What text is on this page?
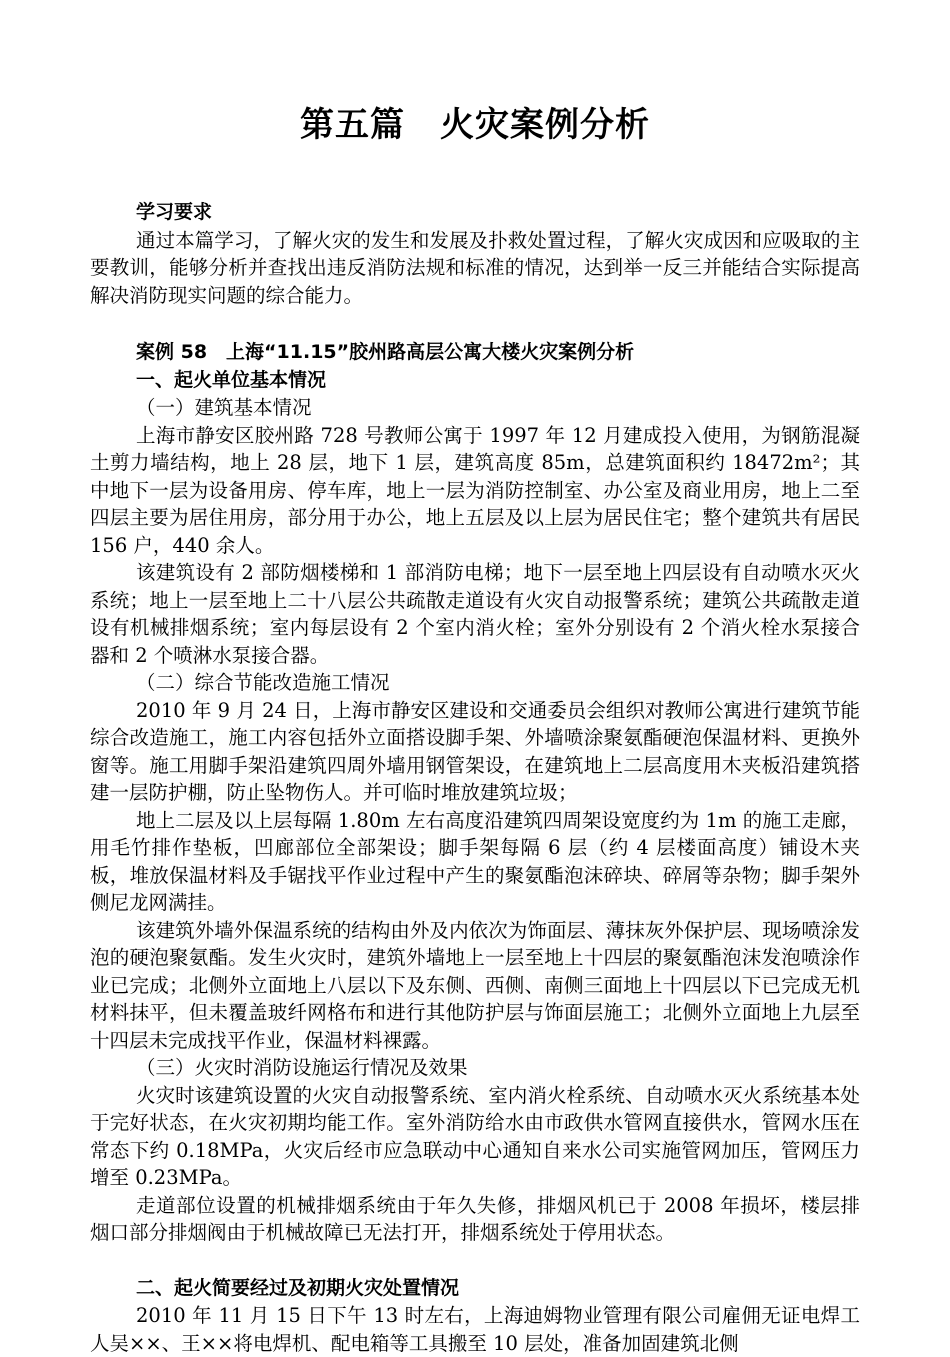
第五篇　火灾案例分析

学习要求

通过本篇学习，了解火灾的发生和发展及扑救处置过程，了解火灾成因和应吸取的主要教训，能够分析并查找出违反消防法规和标准的情况，达到举一反三并能结合实际提高解决消防现实问题的综合能力。

案例 58　上海“11.15”胶州路高层公寓大楼火灾案例分析

一、起火单位基本情况

（一）建筑基本情况

上海市静安区胶州路 728 号教师公寓于 1997 年 12 月建成投入使用，为钢筋混凝土剪力墙结构，地上 28 层，地下 1 层，建筑高度 85m，总建筑面积约 18472m²；其中地下一层为设备用房、停车库，地上一层为消防控制室、办公室及商业用房，地上二至四层主要为居住用房，部分用于办公，地上五层及以上层为居民住宅；整个建筑共有居民 156 户，440 余人。

该建筑设有 2 部防烟楼梯和 1 部消防电梯；地下一层至地上四层设有自动喷水灭火系统；地上一层至地上二十八层公共疏散走道设有火灾自动报警系统；建筑公共疏散走道设有机械排烟系统；室内每层设有 2 个室内消火栓；室外分别设有 2 个消火栓水泵接合器和 2 个喷淋水泵接合器。

（二）综合节能改造施工情况

2010 年 9 月 24 日，上海市静安区建设和交通委员会组织对教师公寓进行建筑节能综合改造施工，施工内容包括外立面搭设脚手架、外墙喷涂聚氨酯硬泡保温材料、更换外窗等。施工用脚手架沿建筑四周外墙用钢管架设，在建筑地上二层高度用木夹板沿建筑搭建一层防护棚，防止坠物伤人。并可临时堆放建筑垃圾；

地上二层及以上层每隔 1.80m 左右高度沿建筑四周架设宽度约为 1m 的施工走廊，用毛竹排作垫板，凹廊部位全部架设；脚手架每隔 6 层（约 4 层楼面高度）铺设木夹板，堆放保温材料及手锯找平作业过程中产生的聚氨酯泡沫碎块、碎屑等杂物；脚手架外侧尼龙网满挂。

该建筑外墙外保温系统的结构由外及内依次为饰面层、薄抹灰外保护层、现场喷涂发泡的硬泡聚氨酯。发生火灾时，建筑外墙地上一层至地上十四层的聚氨酯泡沫发泡喷涂作业已完成；北侧外立面地上八层以下及东侧、西侧、南侧三面地上十四层以下已完成无机材料抹平，但未覆盖玻纤网格布和进行其他防护层与饰面层施工；北侧外立面地上九层至十四层未完成找平作业，保温材料裸露。

（三）火灾时消防设施运行情况及效果

火灾时该建筑设置的火灾自动报警系统、室内消火栓系统、自动喷水灭火系统基本处于完好状态，在火灾初期均能工作。室外消防给水由市政供水管网直接供水，管网水压在常态下约 0.18MPa，火灾后经市应急联动中心通知自来水公司实施管网加压，管网压力增至 0.23MPa。

走道部位设置的机械排烟系统由于年久失修，排烟风机已于 2008 年损坏，楼层排烟口部分排烟阀由于机械故障已无法打开，排烟系统处于停用状态。

二、起火简要经过及初期火灾处置情况

2010 年 11 月 15 日下午 13 时左右，上海迪姆物业管理有限公司雇佣无证电焊工人吴××、王××将电焊机、配电箱等工具搬至 10 层处，准备加固建筑北侧
